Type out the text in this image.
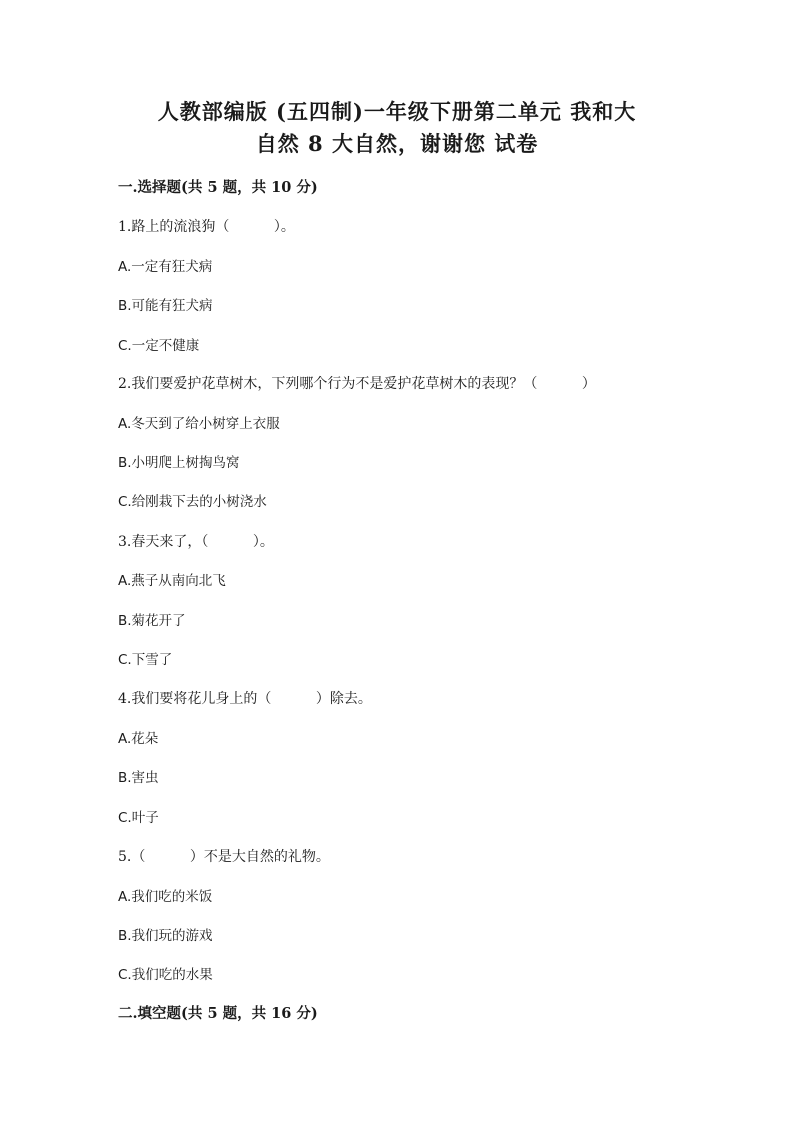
人教部编版 (五四制)一年级下册第二单元 我和大
自然 8 大自然，谢谢您 试卷
一.选择题(共 5 题，共 10 分)
1.路上的流浪狗（          ）。
A.一定有狂犬病
B.可能有狂犬病
C.一定不健康
2.我们要爱护花草树木，下列哪个行为不是爱护花草树木的表现？（          ）
A.冬天到了给小树穿上衣服
B.小明爬上树掏鸟窝
C.给刚栽下去的小树浇水
3.春天来了，（          ）。
A.燕子从南向北飞
B.菊花开了
C.下雪了
4.我们要将花儿身上的（          ）除去。
A.花朵
B.害虫
C.叶子
5.（          ）不是大自然的礼物。
A.我们吃的米饭
B.我们玩的游戏
C.我们吃的水果
二.填空题(共 5 题，共 16 分)
